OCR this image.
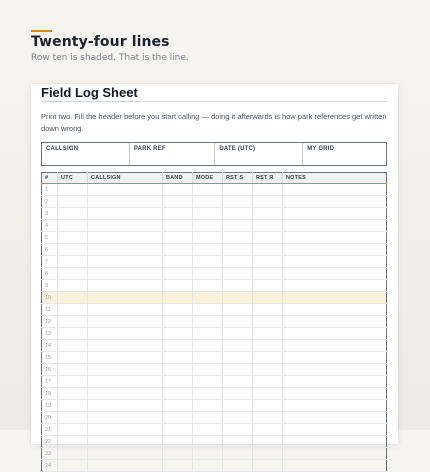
Twenty-four lines
Row ten is shaded. That is the line.
Field Log Sheet
Print two. Fill the header before you start calling — doing it afterwards is how park references get written down wrong.
CALLSIGN	PARK REF	DATE (UTC)	MY GRID
#	UTC	CALLSIGN	BAND	MODE	RST S	RST R	NOTES
1							
2							
3							
4							
5							
6							
7							
8							
9							
10							
11							
12							
13							
14							
15							
16							
17							
18							
19							
20							
21							
22							
23							
24							
